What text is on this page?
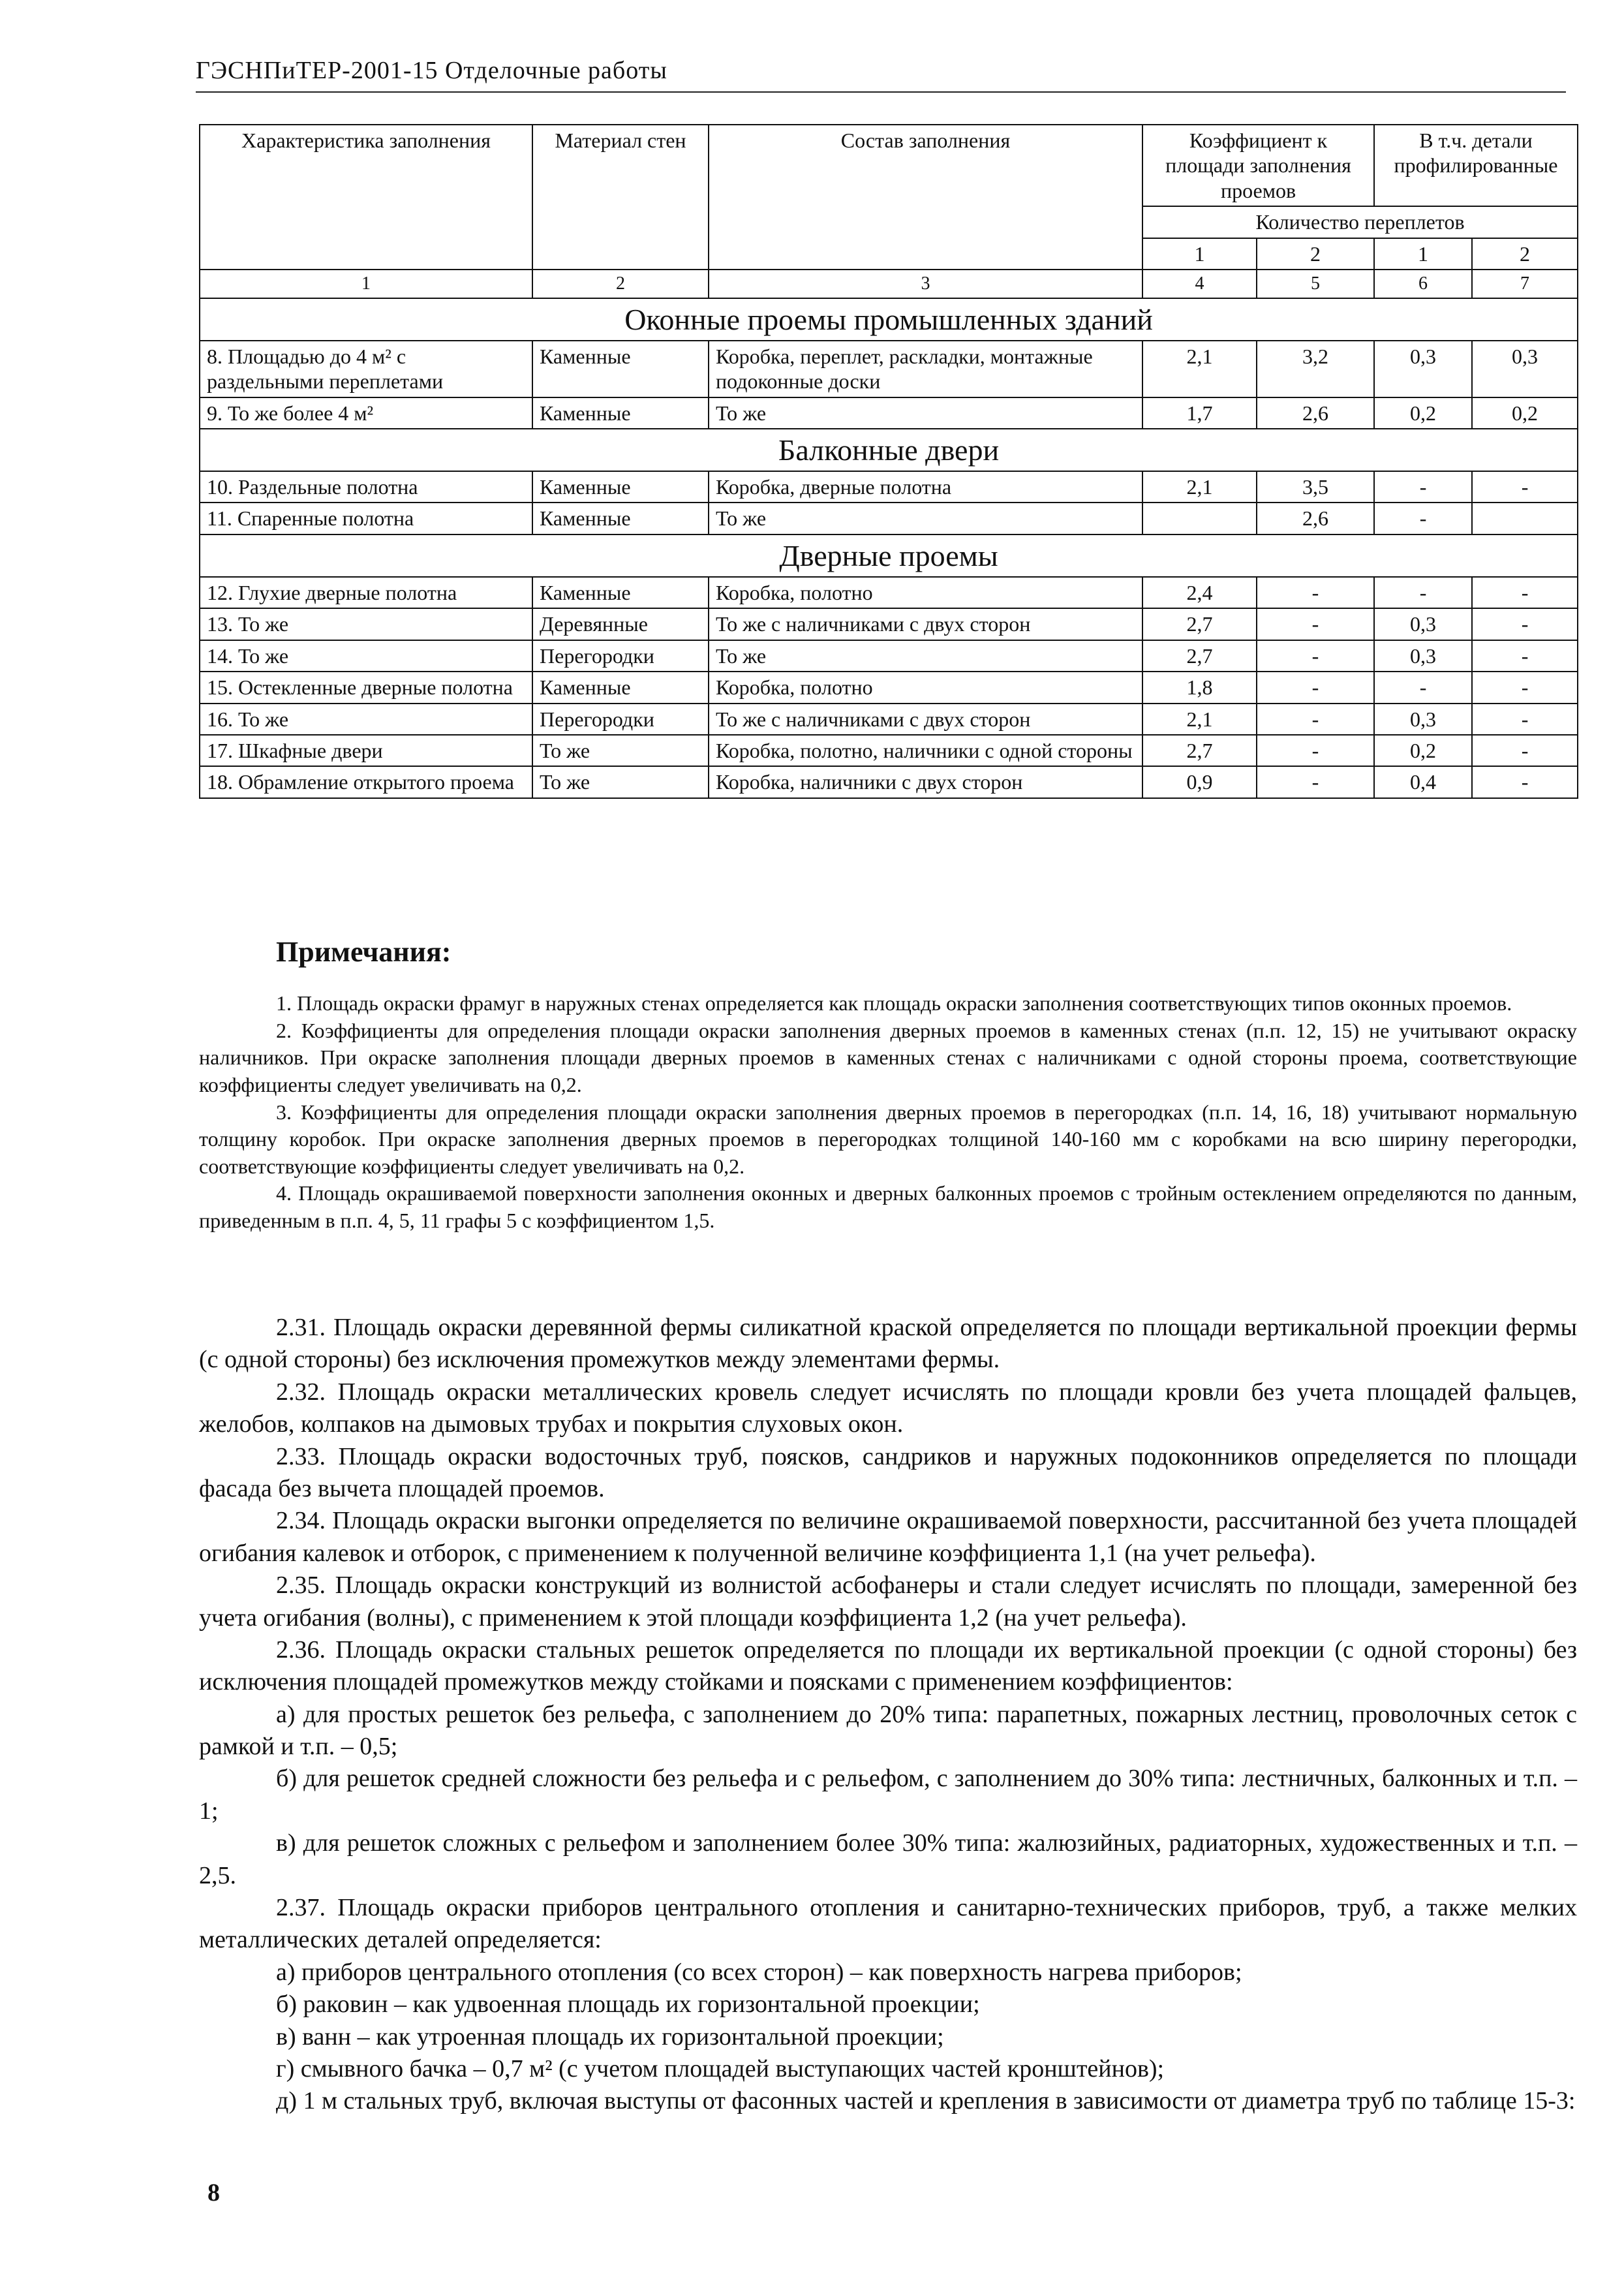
ГЭСНПиТЕР-2001-15 Отделочные работы
Характеристика заполнения	Материал стен	Состав заполнения	Коэффициент к площади заполнения проемов		В т.ч. детали профилированные	
			Количество переплетов			
			1	2	1	2
1	2	3	4	5	6	7
Оконные проемы промышленных зданий						
8. Площадью до 4 м² с раздельными переплетами	Каменные	Коробка, переплет, раскладки, монтажные подоконные доски	2,1	3,2	0,3	0,3
9. То же более 4 м²	Каменные	То же	1,7	2,6	0,2	0,2
Балконные двери						
10. Раздельные полотна	Каменные	Коробка, дверные полотна	2,1	3,5	-	-
11. Спаренные полотна	Каменные	То же		2,6	-	
Дверные проемы						
12. Глухие дверные полотна	Каменные	Коробка, полотно	2,4	-	-	-
13. То же	Деревянные	То же с наличниками с двух сторон	2,7	-	0,3	-
14. То же	Перегородки	То же	2,7	-	0,3	-
15. Остекленные дверные полотна	Каменные	Коробка, полотно	1,8	-	-	-
16. То же	Перегородки	То же с наличниками с двух сторон	2,1	-	0,3	-
17. Шкафные двери	То же	Коробка, полотно, наличники с одной стороны	2,7	-	0,2	-
18. Обрамление открытого проема	То же	Коробка, наличники с двух сторон	0,9	-	0,4	-
Примечания:

1. Площадь окраски фрамуг в наружных стенах определяется как площадь окраски заполнения соответствующих типов оконных проемов.

2. Коэффициенты для определения площади окраски заполнения дверных проемов в каменных стенах (п.п. 12, 15) не учитывают окраску наличников. При окраске заполнения площади дверных проемов в каменных стенах с наличниками с одной стороны проема, соответствующие коэффициенты следует увеличивать на 0,2.

3. Коэффициенты для определения площади окраски заполнения дверных проемов в перегородках (п.п. 14, 16, 18) учитывают нормальную толщину коробок. При окраске заполнения дверных проемов в перегородках толщиной 140-160 мм с коробками на всю ширину перегородки, соответствующие коэффициенты следует увеличивать на 0,2.

4. Площадь окрашиваемой поверхности заполнения оконных и дверных балконных проемов с тройным остеклением определяются по данным, приведенным в п.п. 4, 5, 11 графы 5 с коэффициентом 1,5.

2.31. Площадь окраски деревянной фермы силикатной краской определяется по площади вертикальной проекции фермы (с одной стороны) без исключения промежутков между элементами фермы.

2.32. Площадь окраски металлических кровель следует исчислять по площади кровли без учета площадей фальцев, желобов, колпаков на дымовых трубах и покрытия слуховых окон.

2.33. Площадь окраски водосточных труб, поясков, сандриков и наружных подоконников определяется по площади фасада без вычета площадей проемов.

2.34. Площадь окраски выгонки определяется по величине окрашиваемой поверхности, рассчитанной без учета площадей огибания калевок и отборок, с применением к полученной величине коэффициента 1,1 (на учет рельефа).

2.35. Площадь окраски конструкций из волнистой асбофанеры и стали следует исчислять по площади, замеренной без учета огибания (волны), с применением к этой площади коэффициента 1,2 (на учет рельефа).

2.36. Площадь окраски стальных решеток определяется по площади их вертикальной проекции (с одной стороны) без исключения площадей промежутков между стойками и поясками с применением коэффициентов:

а) для простых решеток без рельефа, с заполнением до 20% типа: парапетных, пожарных лестниц, проволочных сеток с рамкой и т.п. – 0,5;

б) для решеток средней сложности без рельефа и с рельефом, с заполнением до 30% типа: лестничных, балконных и т.п. – 1;

в) для решеток сложных с рельефом и заполнением более 30% типа: жалюзийных, радиаторных, художественных и т.п. – 2,5.

2.37. Площадь окраски приборов центрального отопления и санитарно-технических приборов, труб, а также мелких металлических деталей определяется:

а) приборов центрального отопления (со всех сторон) – как поверхность нагрева приборов;

б) раковин – как удвоенная площадь их горизонтальной проекции;

в) ванн – как утроенная площадь их горизонтальной проекции;

г) смывного бачка – 0,7 м² (с учетом площадей выступающих частей кронштейнов);

д) 1 м стальных труб, включая выступы от фасонных частей и крепления в зависимости от диаметра труб по таблице 15-3:

8
